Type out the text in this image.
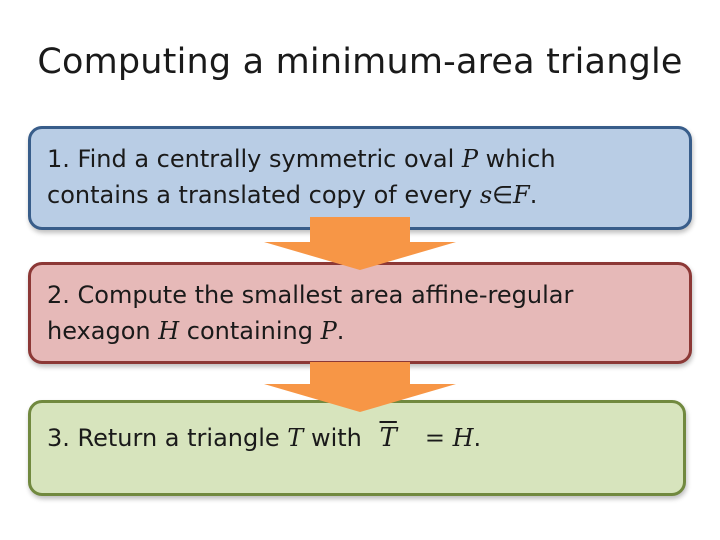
Computing a minimum-area triangle
1. Find a centrally symmetric oval P which
contains a translated copy of every s∈F.
2. Compute the smallest area affine-regular
hexagon H containing P.
3. Return a triangle T with $\overline{T} = H$.
